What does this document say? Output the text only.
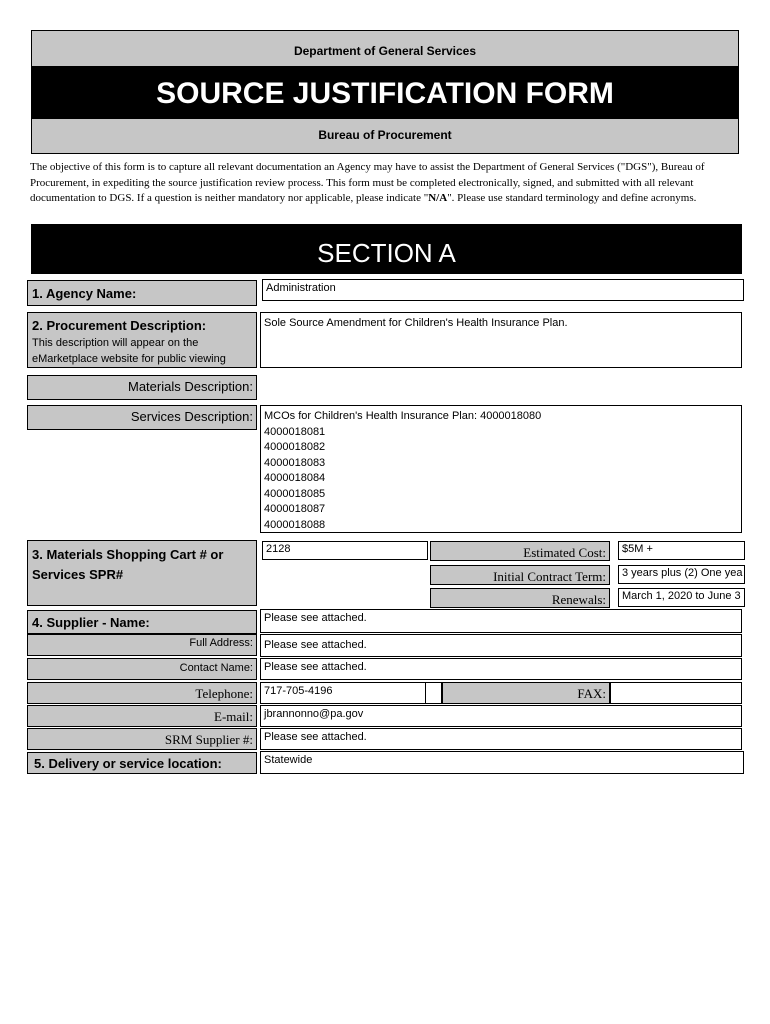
Department of General Services
SOURCE JUSTIFICATION FORM
Bureau of Procurement
The objective of this form is to capture all relevant documentation an Agency may have to assist the Department of General Services ("DGS"), Bureau of Procurement, in expediting the source justification review process. This form must be completed electronically, signed, and submitted with all relevant documentation to DGS. If a question is neither mandatory nor applicable, please indicate "N/A". Please use standard terminology and define acronyms.
SECTION A
1. Agency Name:	Administration
2. Procurement Description:
This description will appear on the
eMarketplace website for public viewing
Sole Source Amendment for Children's Health Insurance Plan.
Materials Description:
Services Description:	MCOs for Children's Health Insurance Plan: 4000018080
4000018081
4000018082
4000018083
4000018084
4000018085
4000018087
4000018088
3. Materials Shopping Cart # or
Services SPR#
2128	Estimated Cost:	$5M +
Initial Contract Term:	3 years plus (2) One yea
Renewals:	March 1, 2020 to June 3
4. Supplier - Name:	Please see attached.
Full Address:	Please see attached.
Contact Name:	Please see attached.
Telephone:	717-705-4196	FAX:
E-mail:	jbrannonno@pa.gov
SRM Supplier #:	Please see attached.
5. Delivery or service location:	Statewide
